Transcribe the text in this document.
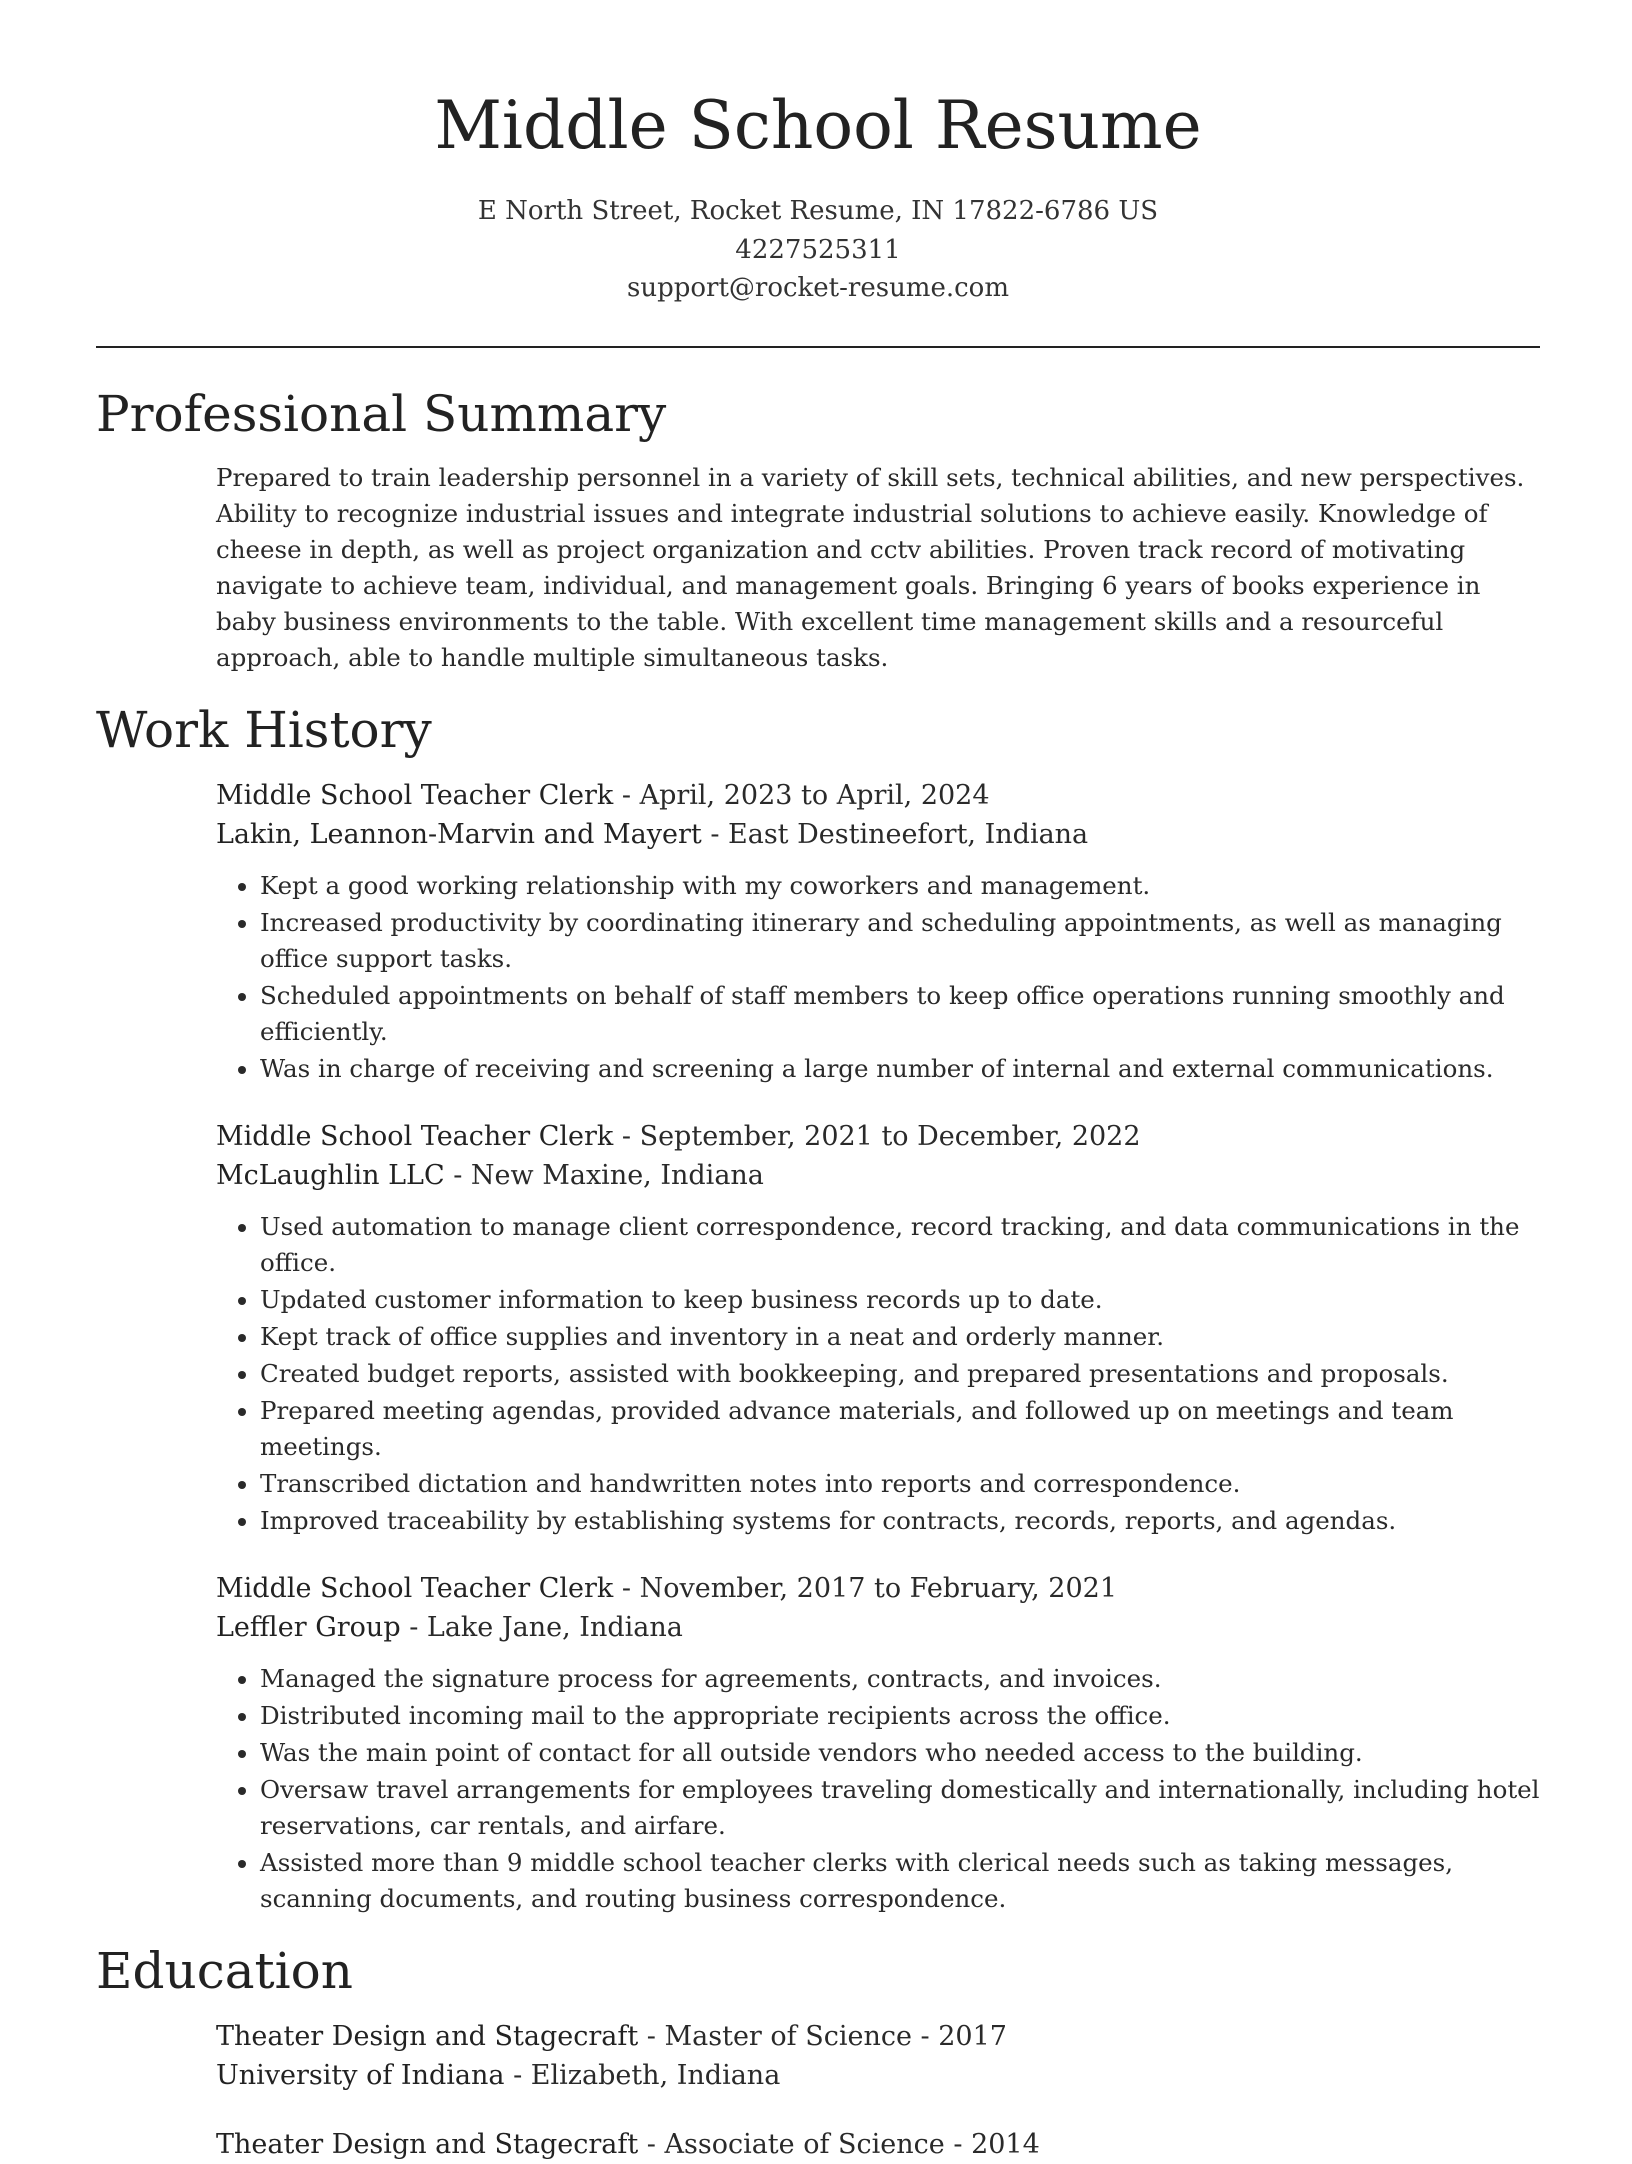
Middle School Resume
E North Street, Rocket Resume, IN 17822-6786 US
4227525311
support@rocket-resume.com
Professional Summary
Prepared to train leadership personnel in a variety of skill sets, technical abilities, and new perspectives. Ability to recognize industrial issues and integrate industrial solutions to achieve easily. Knowledge of cheese in depth, as well as project organization and cctv abilities. Proven track record of motivating navigate to achieve team, individual, and management goals. Bringing 6 years of books experience in baby business environments to the table. With excellent time management skills and a resourceful approach, able to handle multiple simultaneous tasks.
Work History
Middle School Teacher Clerk - April, 2023 to April, 2024
Lakin, Leannon-Marvin and Mayert - East Destineefort, Indiana
• Kept a good working relationship with my coworkers and management.
• Increased productivity by coordinating itinerary and scheduling appointments, as well as managing office support tasks.
• Scheduled appointments on behalf of staff members to keep office operations running smoothly and efficiently.
• Was in charge of receiving and screening a large number of internal and external communications.
Middle School Teacher Clerk - September, 2021 to December, 2022
McLaughlin LLC - New Maxine, Indiana
• Used automation to manage client correspondence, record tracking, and data communications in the office.
• Updated customer information to keep business records up to date.
• Kept track of office supplies and inventory in a neat and orderly manner.
• Created budget reports, assisted with bookkeeping, and prepared presentations and proposals.
• Prepared meeting agendas, provided advance materials, and followed up on meetings and team meetings.
• Transcribed dictation and handwritten notes into reports and correspondence.
• Improved traceability by establishing systems for contracts, records, reports, and agendas.
Middle School Teacher Clerk - November, 2017 to February, 2021
Leffler Group - Lake Jane, Indiana
• Managed the signature process for agreements, contracts, and invoices.
• Distributed incoming mail to the appropriate recipients across the office.
• Was the main point of contact for all outside vendors who needed access to the building.
• Oversaw travel arrangements for employees traveling domestically and internationally, including hotel reservations, car rentals, and airfare.
• Assisted more than 9 middle school teacher clerks with clerical needs such as taking messages, scanning documents, and routing business correspondence.
Education
Theater Design and Stagecraft - Master of Science - 2017
University of Indiana - Elizabeth, Indiana
Theater Design and Stagecraft - Associate of Science - 2014
